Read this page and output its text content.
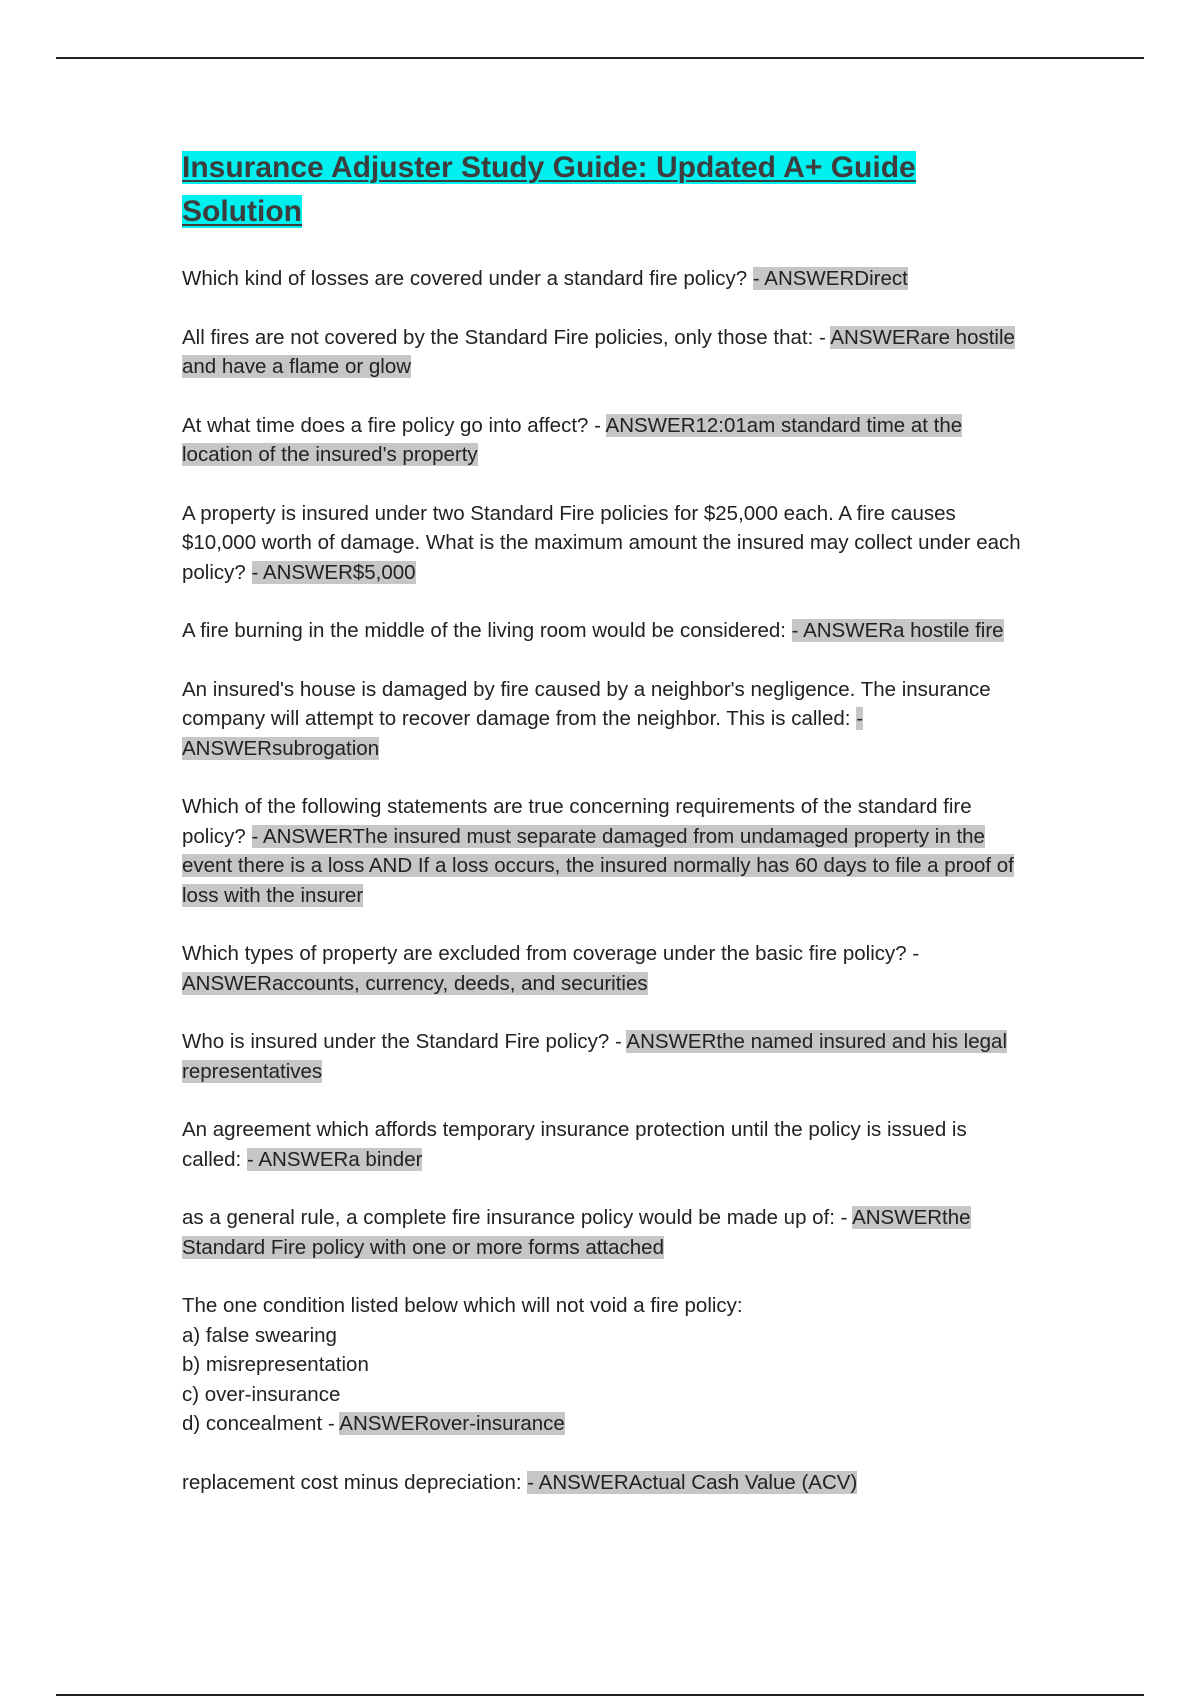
Insurance Adjuster Study Guide: Updated A+ Guide Solution

Which kind of losses are covered under a standard fire policy? - ANSWERDirect

All fires are not covered by the Standard Fire policies, only those that: - ANSWERare hostile and have a flame or glow

At what time does a fire policy go into affect? - ANSWER12:01am standard time at the location of the insured's property

A property is insured under two Standard Fire policies for $25,000 each. A fire causes $10,000 worth of damage. What is the maximum amount the insured may collect under each policy? - ANSWER$5,000

A fire burning in the middle of the living room would be considered: - ANSWERa hostile fire

An insured's house is damaged by fire caused by a neighbor's negligence. The insurance company will attempt to recover damage from the neighbor. This is called: - ANSWERsubrogation

Which of the following statements are true concerning requirements of the standard fire policy? - ANSWERThe insured must separate damaged from undamaged property in the event there is a loss AND If a loss occurs, the insured normally has 60 days to file a proof of loss with the insurer

Which types of property are excluded from coverage under the basic fire policy? - ANSWERaccounts, currency, deeds, and securities

Who is insured under the Standard Fire policy? - ANSWERthe named insured and his legal representatives

An agreement which affords temporary insurance protection until the policy is issued is called: - ANSWERa binder

as a general rule, a complete fire insurance policy would be made up of: - ANSWERthe Standard Fire policy with one or more forms attached

The one condition listed below which will not void a fire policy:
a) false swearing
b) misrepresentation
c) over-insurance
d) concealment - ANSWERover-insurance

replacement cost minus depreciation: - ANSWERActual Cash Value (ACV)
